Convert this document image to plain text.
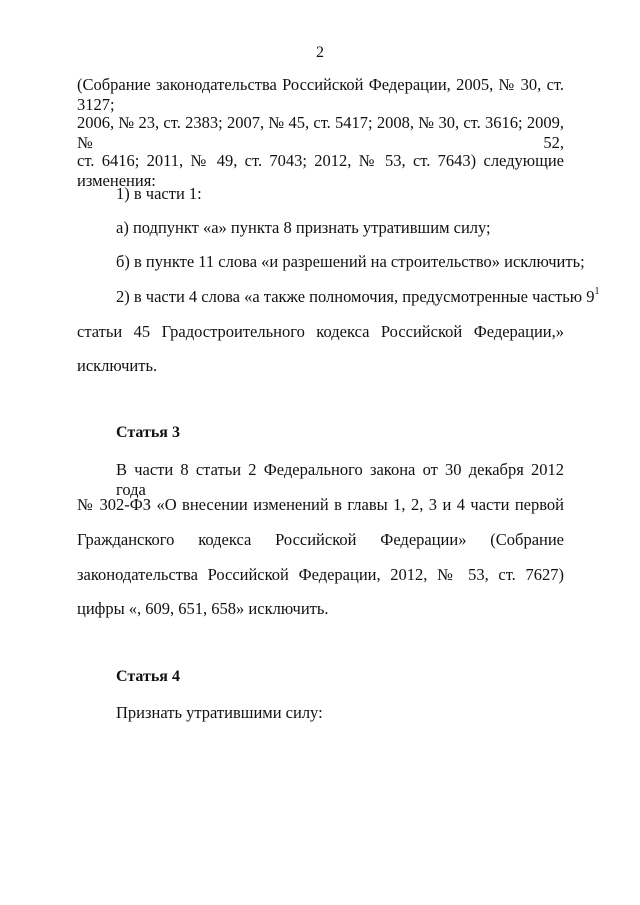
2
(Собрание законодательства Российской Федерации, 2005, № 30, ст. 3127;
2006, № 23, ст. 2383; 2007, № 45, ст. 5417; 2008, № 30, ст. 3616; 2009, № 52,
ст. 6416; 2011, № 49, ст. 7043; 2012, № 53, ст. 7643) следующие изменения:
1) в части 1:
а) подпункт «а» пункта 8 признать утратившим силу;
б) в пункте 11 слова «и разрешений на строительство» исключить;
2) в части 4 слова «а также полномочия, предусмотренные частью $9^1$
статьи 45 Градостроительного кодекса Российской Федерации,»
исключить.
Статья 3
В части 8 статьи 2 Федерального закона от 30 декабря 2012 года
№ 302-ФЗ «О внесении изменений в главы 1, 2, 3 и 4 части первой
Гражданского кодекса Российской Федерации» (Собрание
законодательства Российской Федерации, 2012, № 53, ст. 7627)
цифры «, 609, 651, 658» исключить.
Статья 4
Признать утратившими силу:
